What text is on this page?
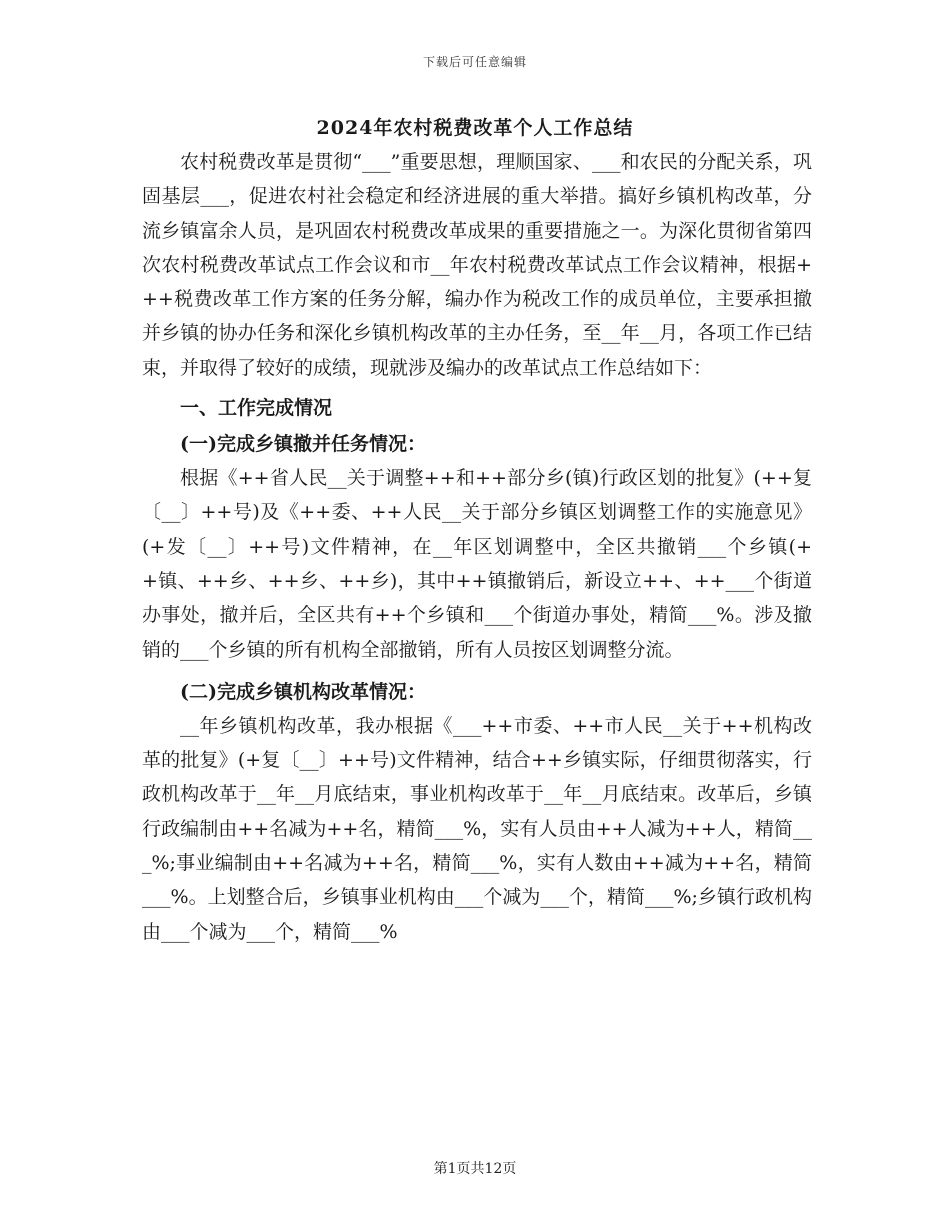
下载后可任意编辑
2024年农村税费改革个人工作总结

农村税费改革是贯彻“___”重要思想，理顺国家、___和农民的分配关系，巩固基层___，促进农村社会稳定和经济进展的重大举措。搞好乡镇机构改革，分流乡镇富余人员，是巩固农村税费改革成果的重要措施之一。为深化贯彻省第四次农村税费改革试点工作会议和市__年农村税费改革试点工作会议精神，根据+++税费改革工作方案的任务分解，编办作为税改工作的成员单位，主要承担撤并乡镇的协办任务和深化乡镇机构改革的主办任务，至__年__月，各项工作已结束，并取得了较好的成绩，现就涉及编办的改革试点工作总结如下：

一、工作完成情况
(一)完成乡镇撤并任务情况：

根据《++省人民__关于调整++和++部分乡(镇)行政区划的批复》(++复〔__〕++号)及《++委、++人民__关于部分乡镇区划调整工作的实施意见》(+发〔__〕++号)文件精神，在__年区划调整中，全区共撤销___个乡镇(++镇、++乡、++乡、++乡)，其中++镇撤销后，新设立++、++___个街道办事处，撤并后，全区共有++个乡镇和___个街道办事处，精简___%。涉及撤销的___个乡镇的所有机构全部撤销，所有人员按区划调整分流。

(二)完成乡镇机构改革情况：

__年乡镇机构改革，我办根据《___++市委、++市人民__关于++机构改革的批复》(+复〔__〕++号)文件精神，结合++乡镇实际，仔细贯彻落实，行政机构改革于__年__月底结束，事业机构改革于__年__月底结束。改革后，乡镇行政编制由++名减为++名，精简___%，实有人员由++人减为++人，精简___%;事业编制由++名减为++名，精简___%，实有人数由++减为++名，精简___%。上划整合后，乡镇事业机构由___个减为___个，精简___%;乡镇行政机构由___个减为___个，精简___%

第1页共12页
